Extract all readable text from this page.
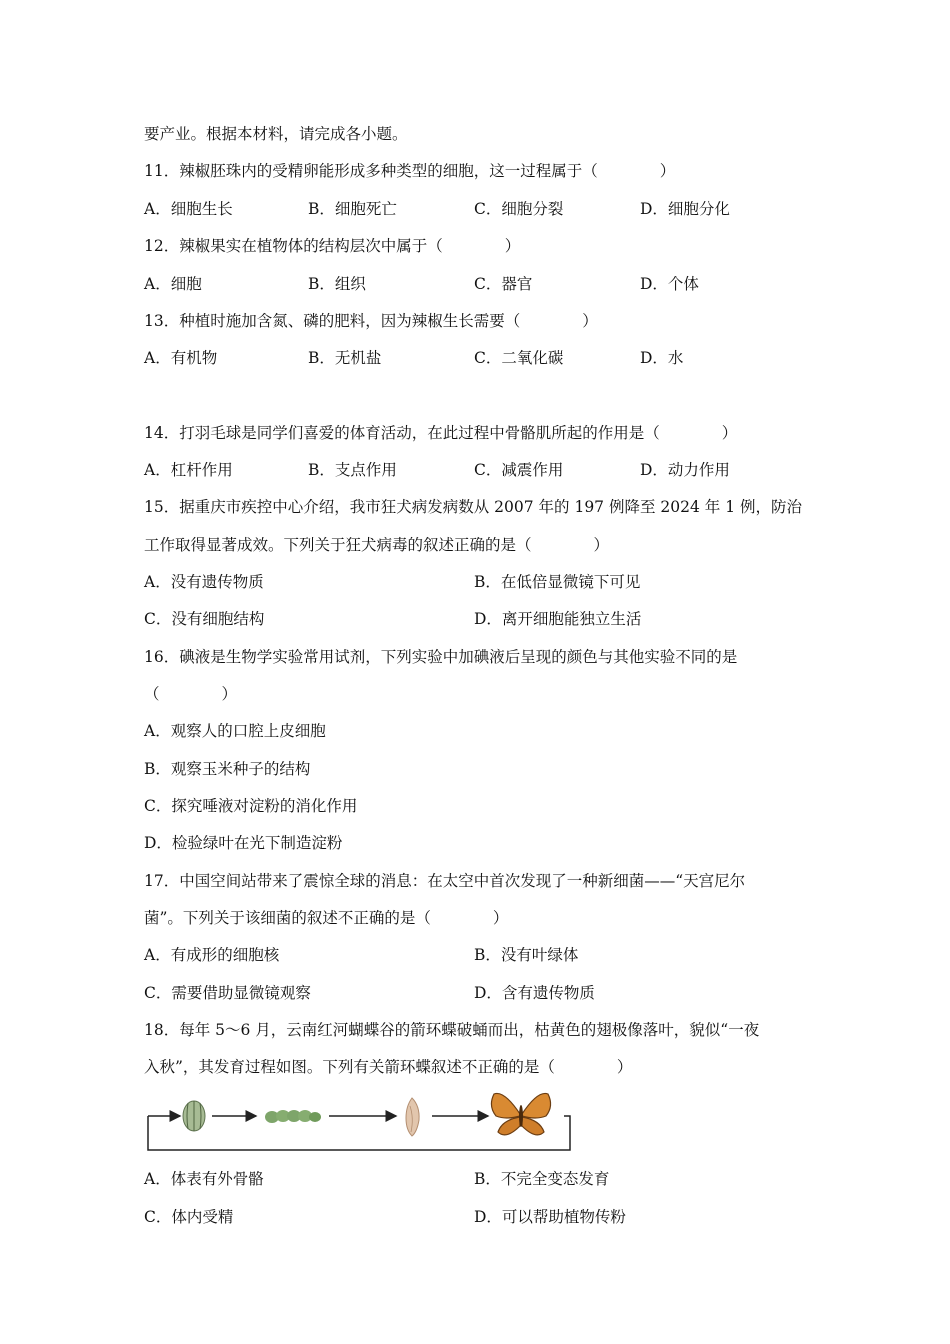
要产业。根据本材料，请完成各小题。
11．辣椒胚珠内的受精卵能形成多种类型的细胞，这一过程属于（　　　　）
A．细胞生长	B．细胞死亡	C．细胞分裂	D．细胞分化
12．辣椒果实在植物体的结构层次中属于（　　　　）
A．细胞	B．组织	C．器官	D．个体
13．种植时施加含氮、磷的肥料，因为辣椒生长需要（　　　　）
A．有机物	B．无机盐	C．二氧化碳	D．水
14．打羽毛球是同学们喜爱的体育活动，在此过程中骨骼肌所起的作用是（　　　　）
A．杠杆作用	B．支点作用	C．减震作用	D．动力作用
15．据重庆市疾控中心介绍，我市狂犬病发病数从 2007 年的 197 例降至 2024 年 1 例，防治
工作取得显著成效。下列关于狂犬病毒的叙述正确的是（　　　　）
A．没有遗传物质	B．在低倍显微镜下可见
C．没有细胞结构	D．离开细胞能独立生活
16．碘液是生物学实验常用试剂，下列实验中加碘液后呈现的颜色与其他实验不同的是
（　　　　）
A．观察人的口腔上皮细胞
B．观察玉米种子的结构
C．探究唾液对淀粉的消化作用
D．检验绿叶在光下制造淀粉
17．中国空间站带来了震惊全球的消息：在太空中首次发现了一种新细菌——“天宫尼尔
菌”。下列关于该细菌的叙述不正确的是（　　　　）
A．有成形的细胞核	B．没有叶绿体
C．需要借助显微镜观察	D．含有遗传物质
18．每年 5～6 月，云南红河蝴蝶谷的箭环蝶破蛹而出，枯黄色的翅极像落叶，貌似“一夜
入秋”，其发育过程如图。下列有关箭环蝶叙述不正确的是（　　　　）
A．体表有外骨骼	B．不完全变态发育
C．体内受精	D．可以帮助植物传粉
